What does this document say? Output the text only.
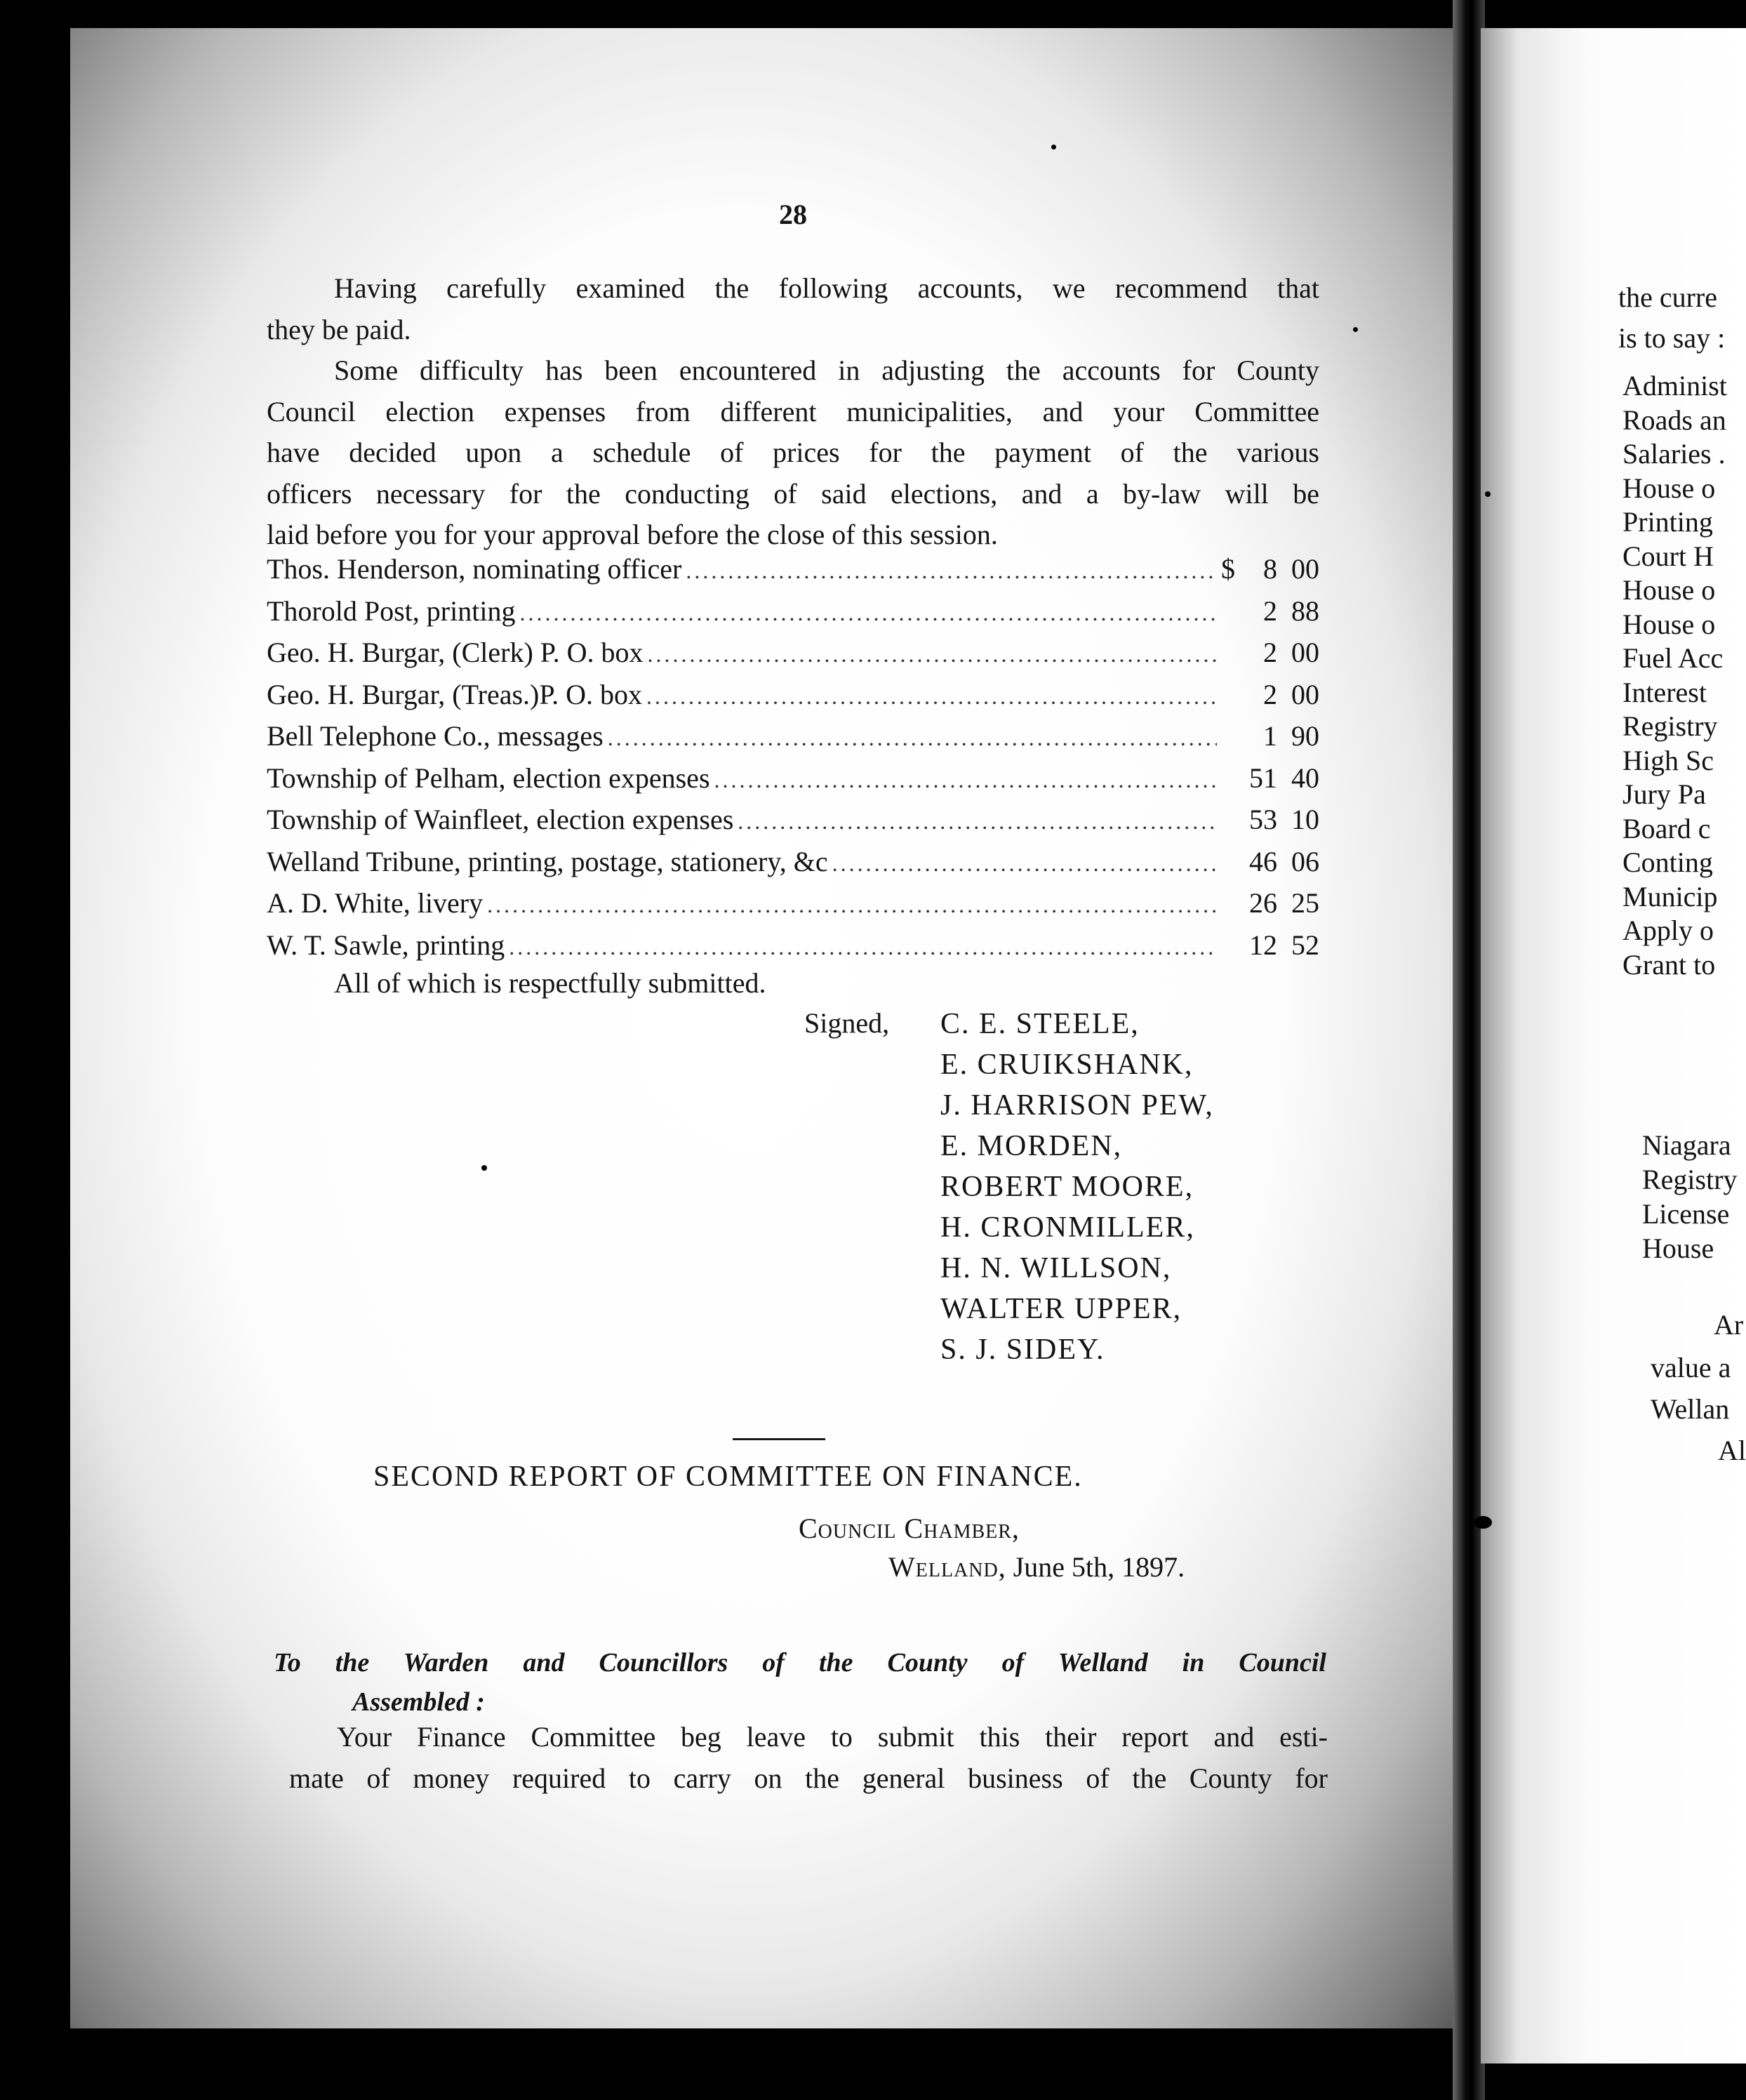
28
Having carefully examined the following accounts, we recommend that
they be paid.
Some difficulty has been encountered in adjusting the accounts for County
Council election expenses from different municipalities, and your Committee
have decided upon a schedule of prices for the payment of the various
officers necessary for the conducting of said elections, and a by-law will be
laid before you for your approval before the close of this session.
Thos. Henderson, nominating officer .....	$	8 00
Thorold Post, printing .....	2 88
Geo. H. Burgar, (Clerk) P. O. box .....	2 00
Geo. H. Burgar, (Treas.)P. O. box .....	2 00
Bell Telephone Co., messages .....	1 90
Township of Pelham, election expenses .....	51 40
Township of Wainfleet, election expenses .....	53 10
Welland Tribune, printing, postage, stationery, &c .....	46 06
A. D. White, livery .....	26 25
W. T. Sawle, printing .....	12 52
All of which is respectfully submitted.
Signed, C. E. STEELE,
E. CRUIKSHANK,
J. HARRISON PEW,
E. MORDEN,
ROBERT MOORE,
H. CRONMILLER,
H. N. WILLSON,
WALTER UPPER,
S. J. SIDEY.
SECOND REPORT OF COMMITTEE ON FINANCE.
Council Chamber,
Welland, June 5th, 1897.
To the Warden and Councillors of the County of Welland in Council
Assembled :
Your Finance Committee beg leave to submit this their report and esti-
mate of money required to carry on the general business of the County for
the curre
is to say :
Administ
Roads an
Salaries .
House o
Printing
Court H
House o
House o
Fuel Acc
Interest
Registry
High Sc
Jury Pa
Board c
Conting
Municip
Apply o
Grant to
Niagara
Registry
License
House
Ar
value a
Wellan
Al
